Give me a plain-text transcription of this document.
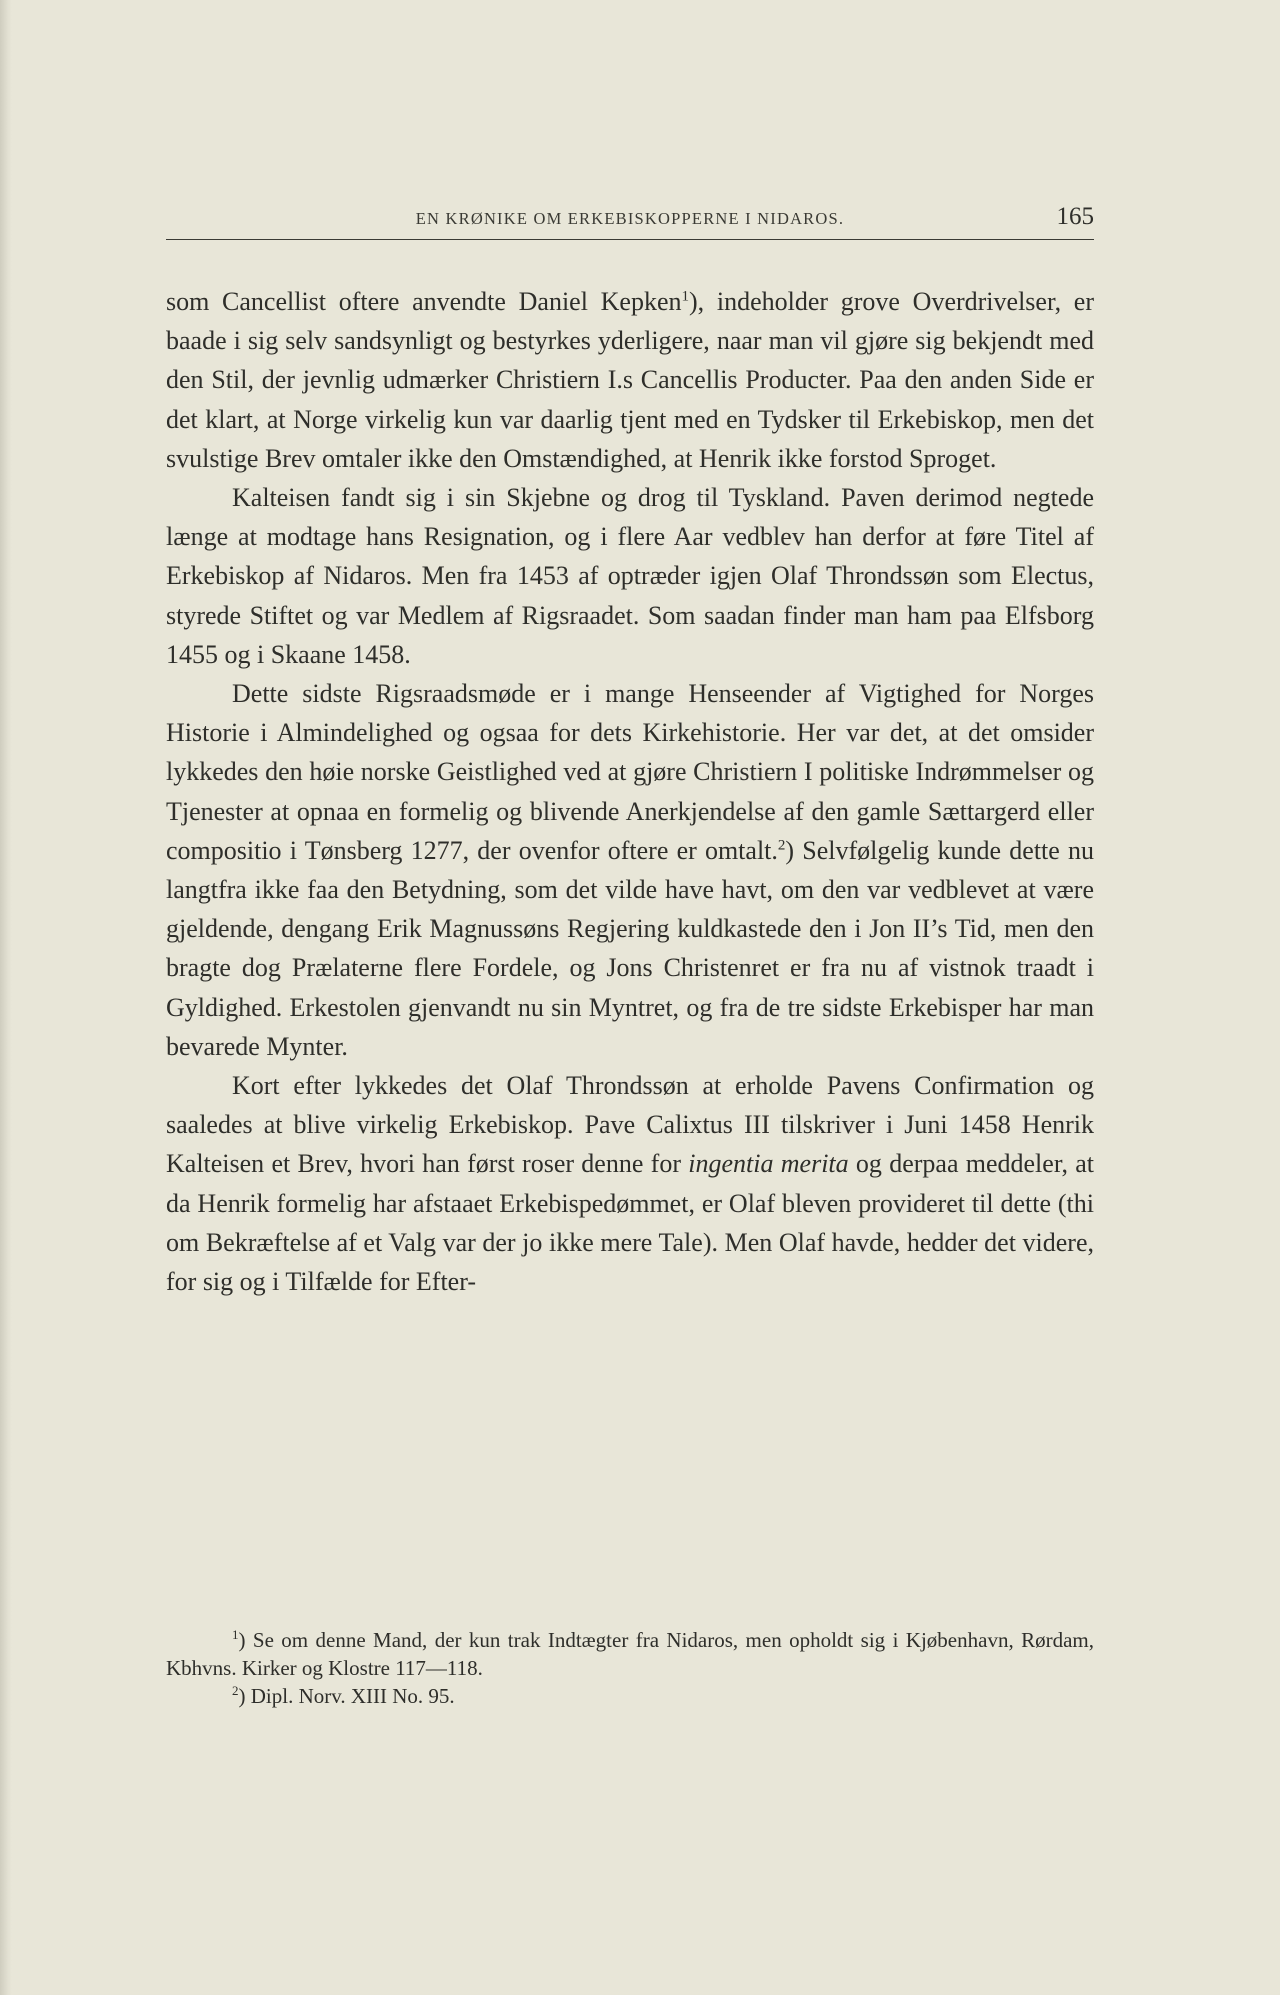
EN KRØNIKE OM ERKEBISKOPPERNE I NIDAROS.	165

som Cancellist oftere anvendte Daniel Kepken$^1$), indeholder grove Overdrivelser, er baade i sig selv sandsynligt og bestyrkes yderligere, naar man vil gjøre sig bekjendt med den Stil, der jevnlig udmærker Christiern I.s Cancellis Producter. Paa den anden Side er det klart, at Norge virkelig kun var daarlig tjent med en Tydsker til Erkebiskop, men det svulstige Brev omtaler ikke den Omstændighed, at Henrik ikke forstod Sproget.

Kalteisen fandt sig i sin Skjebne og drog til Tyskland. Paven derimod negtede længe at modtage hans Resignation, og i flere Aar vedblev han derfor at føre Titel af Erkebiskop af Nidaros. Men fra 1453 af optræder igjen Olaf Throndssøn som Electus, styrede Stiftet og var Medlem af Rigsraadet. Som saadan finder man ham paa Elfsborg 1455 og i Skaane 1458.

Dette sidste Rigsraadsmøde er i mange Henseender af Vigtighed for Norges Historie i Almindelighed og ogsaa for dets Kirkehistorie. Her var det, at det omsider lykkedes den høie norske Geistlighed ved at gjøre Christiern I politiske Indrømmelser og Tjenester at opnaa en formelig og blivende Anerkjendelse af den gamle Sættargerd eller compositio i Tønsberg 1277, der ovenfor oftere er omtalt.$^2$) Selvfølgelig kunde dette nu langtfra ikke faa den Betydning, som det vilde have havt, om den var vedblevet at være gjeldende, dengang Erik Magnussøns Regjering kuldkastede den i Jon II’s Tid, men den bragte dog Prælaterne flere Fordele, og Jons Christenret er fra nu af vistnok traadt i Gyldighed. Erkestolen gjenvandt nu sin Myntret, og fra de tre sidste Erkebisper har man bevarede Mynter.

Kort efter lykkedes det Olaf Throndssøn at erholde Pavens Confirmation og saaledes at blive virkelig Erkebiskop. Pave Calixtus III tilskriver i Juni 1458 Henrik Kalteisen et Brev, hvori han først roser denne for ingentia merita og derpaa meddeler, at da Henrik formelig har afstaaet Erkebispedømmet, er Olaf bleven provideret til dette (thi om Bekræftelse af et Valg var der jo ikke mere Tale). Men Olaf havde, hedder det videre, for sig og i Tilfælde for Efter-

$^1$) Se om denne Mand, der kun trak Indtægter fra Nidaros, men opholdt sig i Kjøbenhavn, Rørdam, Kbhvns. Kirker og Klostre 117—118.

$^2$) Dipl. Norv. XIII No. 95.
